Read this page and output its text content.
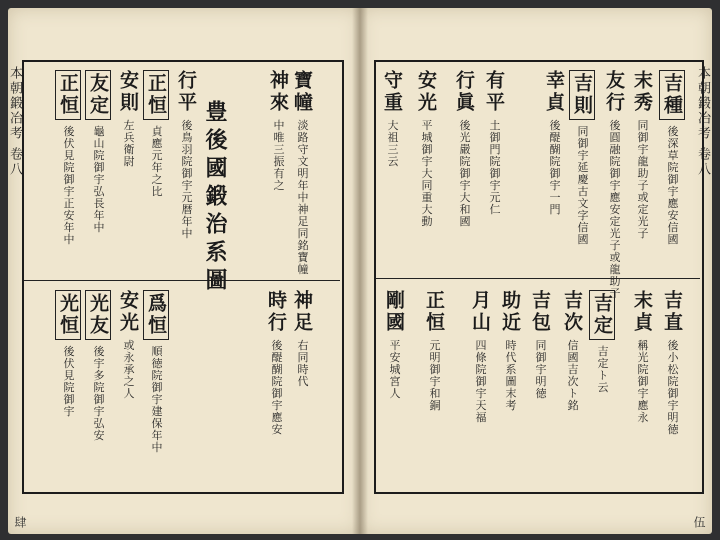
本朝鍛冶考 卷八	豊後國鍛治系圖
寶幢 淡路守文明年中神足同銘寶幢
神來 中唯三振有之
行平 後鳥羽院御宇元暦年中
正恒 貞應元年之比
安則 左兵衛尉
友定 龜山院御宇弘長年中
正恒 後伏見院御宇正安年中
神足 右同時代
時行 後醍醐院御宇應安
爲恒 順徳院御宇建保年中
安光 或永承之人
光友 後宇多院御宇弘安
光恒 後伏見院御宇
肆
本朝鍛冶考 卷八
吉種 後深草院御宇應安信國
末秀 同御宇龍助子或定光子
友行 後圓融院御宇應安定光子或龍助子
吉則 同御宇延慶古文字信國
幸貞 後醍醐院御宇一門
有平 土御門院御宇元仁
行眞 後光嚴院御宇大和國
安光 平城御宇大同重大動
守重 大祖三云
吉直 後小松院御宇明徳
末貞 稱光院御宇應永
吉定 吉定ト云
吉次 信國吉次ト銘
吉包 同御宇明徳
助近 時代系圖末考
月山 四條院御宇天福
正恒 元明御宇和銅
剛國 平安城宮人
伍
